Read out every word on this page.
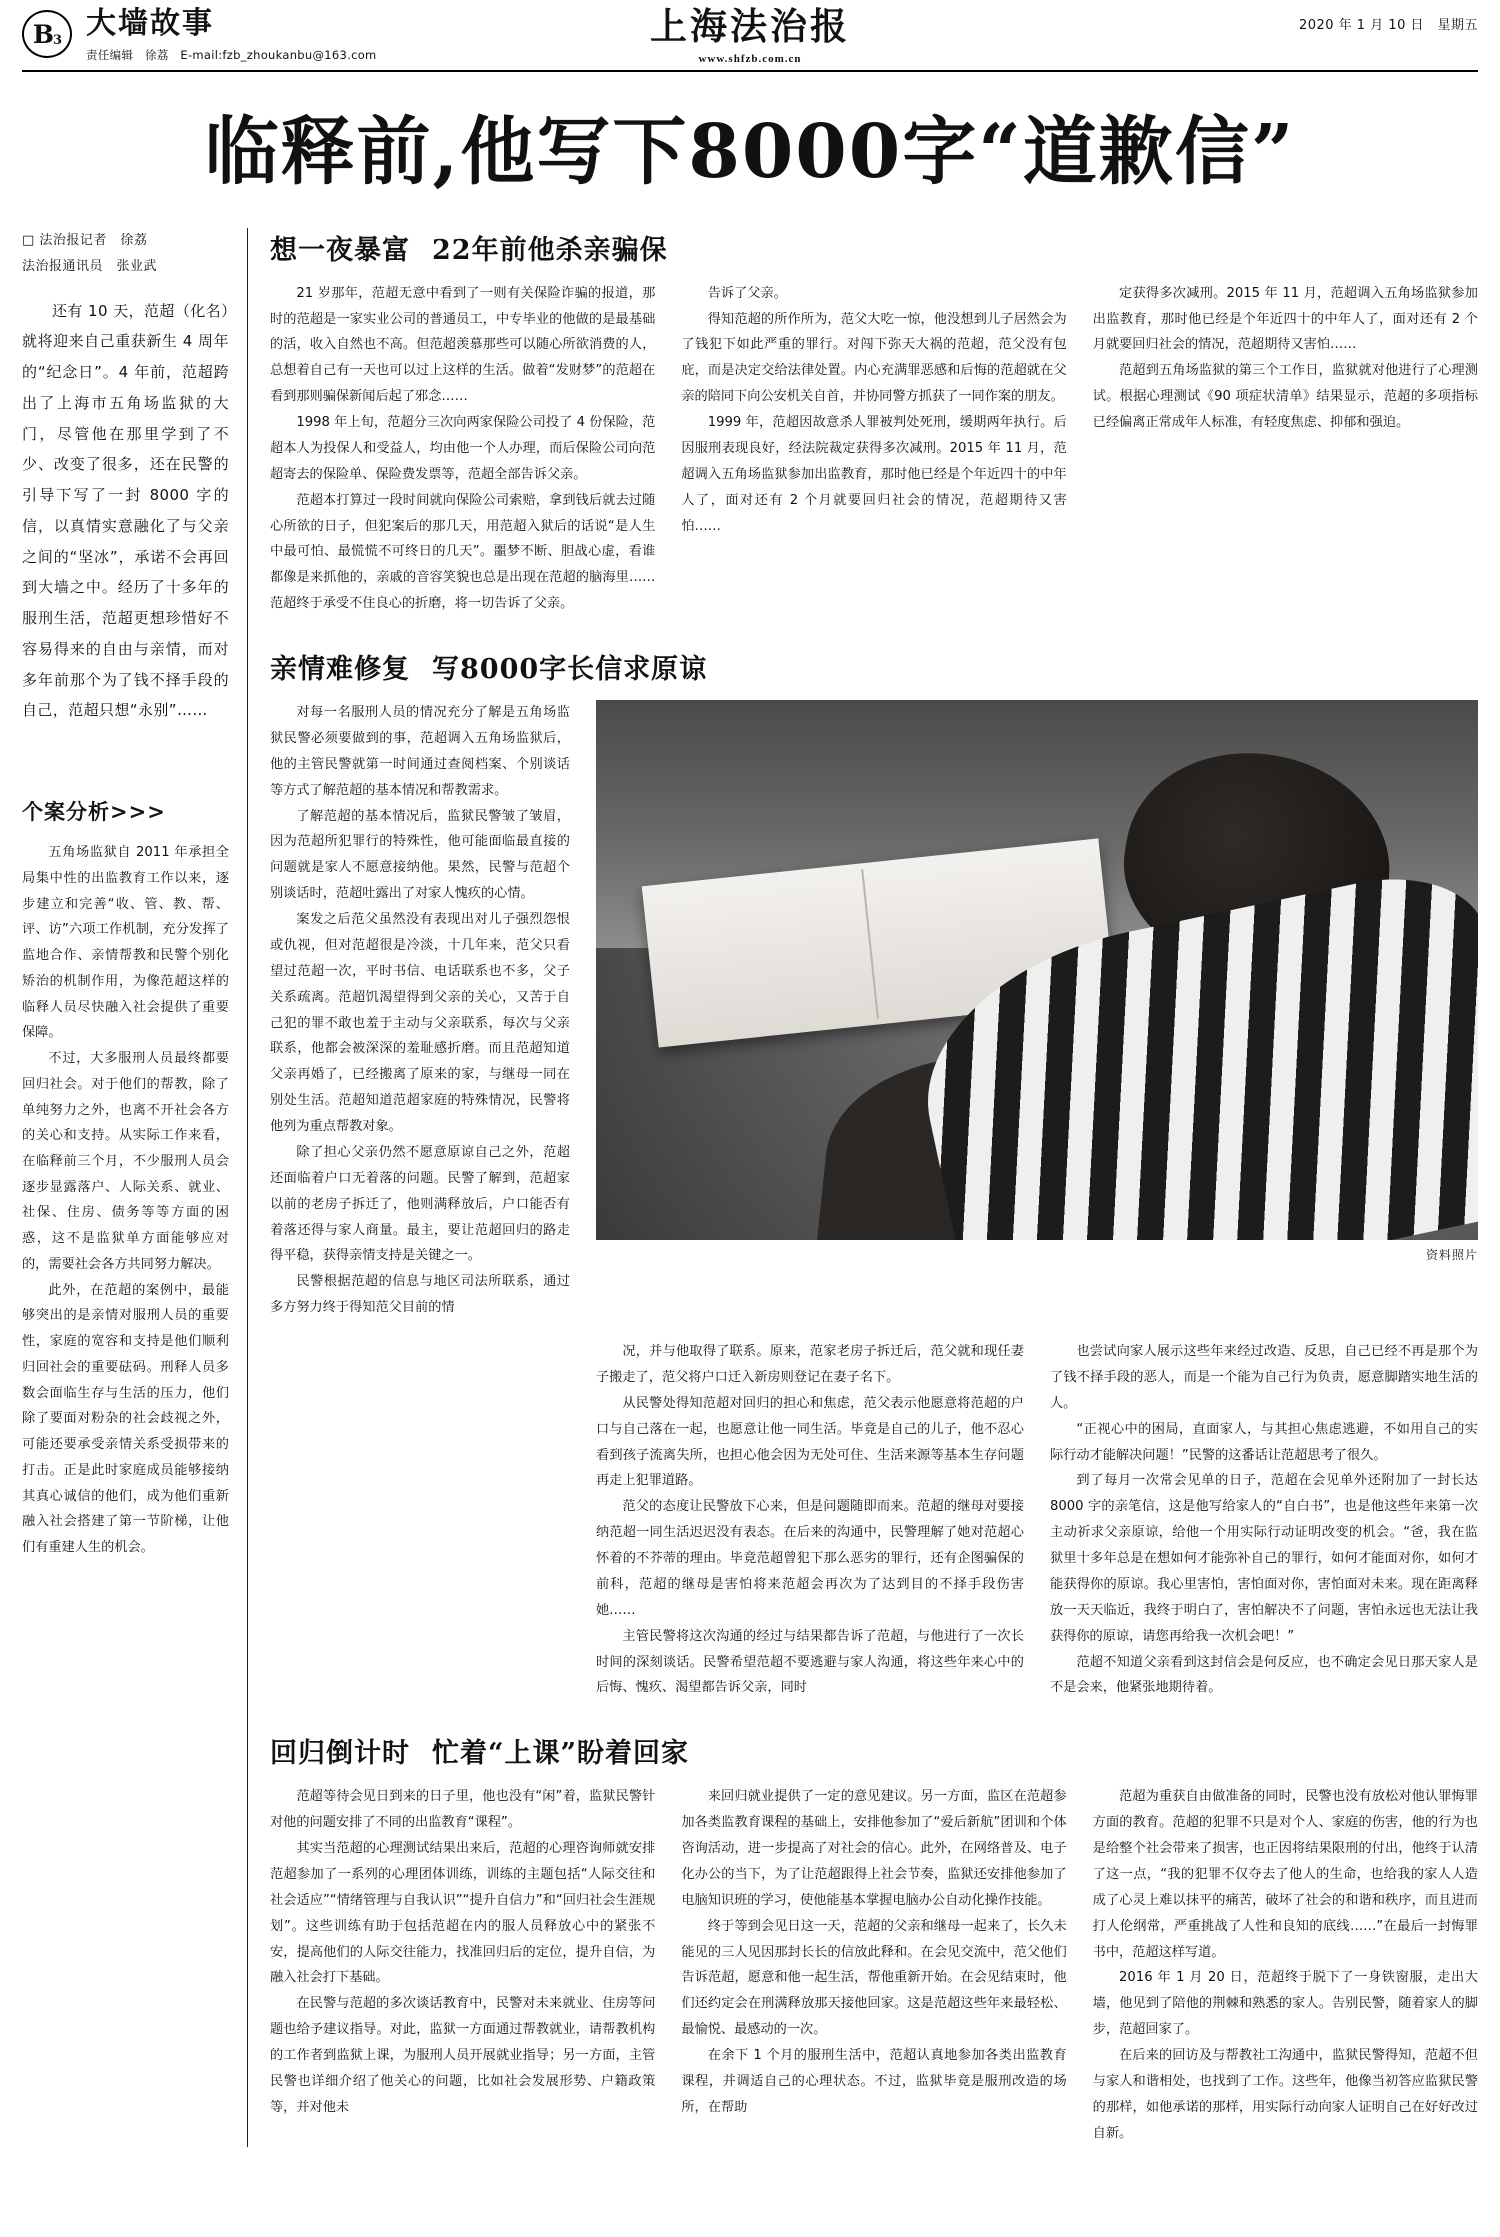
B 3 大墙故事
责任编辑　徐荔　E-mail:fzb_zhoukanbu@163.com
上海法治报
www.shfzb.com.cn
2020 年 1 月 10 日　星期五
临释前,他写下8000字“道歉信”
□ 法治报记者　徐荔
法治报通讯员　张业武

还有 10 天，范超（化名）就将迎来自己重获新生 4 周年的“纪念日”。4 年前，范超跨出了上海市五角场监狱的大门，尽管他在那里学到了不少、改变了很多，还在民警的引导下写了一封 8000 字的信，以真情实意融化了与父亲之间的“坚冰”，承诺不会再回到大墙之中。经历了十多年的服刑生活，范超更想珍惜好不容易得来的自由与亲情，而对多年前那个为了钱不择手段的自己，范超只想“永别”……

个案分析>>>

五角场监狱自 2011 年承担全局集中性的出监教育工作以来，逐步建立和完善“收、管、教、帮、评、访”六项工作机制，充分发挥了监地合作、亲情帮教和民警个别化矫治的机制作用，为像范超这样的临释人员尽快融入社会提供了重要保障。

不过，大多服刑人员最终都要回归社会。对于他们的帮教，除了单纯努力之外，也离不开社会各方的关心和支持。从实际工作来看，在临释前三个月，不少服刑人员会逐步显露落户、人际关系、就业、社保、住房、债务等等方面的困惑，这不是监狱单方面能够应对的，需要社会各方共同努力解决。

此外，在范超的案例中，最能够突出的是亲情对服刑人员的重要性，家庭的宽容和支持是他们顺利归回社会的重要砝码。刑释人员多数会面临生存与生活的压力，他们除了要面对粉杂的社会歧视之外，可能还要承受亲情关系受损带来的打击。正是此时家庭成员能够接纳其真心诚信的他们，成为他们重新融入社会搭建了第一节阶梯，让他们有重建人生的机会。

想一夜暴富 22年前他杀亲骗保

21 岁那年，范超无意中看到了一则有关保险诈骗的报道，那时的范超是一家实业公司的普通员工，中专毕业的他做的是最基础的活，收入自然也不高。但范超羡慕那些可以随心所欲消费的人，总想着自己有一天也可以过上这样的生活。做着“发财梦”的范超在看到那则骗保新闻后起了邪念……

1998 年上旬，范超分三次向两家保险公司投了 4 份保险，范超本人为投保人和受益人，均由他一个人办理，而后保险公司向范超寄去的保险单、保险费发票等，范超全部告诉父亲。

范超本打算过一段时间就向保险公司索赔，拿到钱后就去过随心所欲的日子，但犯案后的那几天，用范超入狱后的话说“是人生中最可怕、最慌慌不可终日的几天”。噩梦不断、胆战心虚，看谁都像是来抓他的，亲戚的音容笑貌也总是出现在范超的脑海里……范超终于承受不住良心的折磨，将一切告诉了父亲。

告诉了父亲。

得知范超的所作所为，范父大吃一惊，他没想到儿子居然会为了钱犯下如此严重的罪行。对闯下弥天大祸的范超，范父没有包庇，而是决定交给法律处置。内心充满罪恶感和后悔的范超就在父亲的陪同下向公安机关自首，并协同警方抓获了一同作案的朋友。

1999 年，范超因故意杀人罪被判处死刑，缓期两年执行。后因服刑表现良好，经法院裁定获得多次减刑。2015 年 11 月，范超调入五角场监狱参加出监教育，那时他已经是个年近四十的中年人了，面对还有 2 个月就要回归社会的情况，范超期待又害怕……

定获得多次减刑。2015 年 11 月，范超调入五角场监狱参加出监教育，那时他已经是个年近四十的中年人了，面对还有 2 个月就要回归社会的情况，范超期待又害怕……

范超到五角场监狱的第三个工作日，监狱就对他进行了心理测试。根据心理测试《90 项症状清单》结果显示，范超的多项指标已经偏离正常成年人标准，有轻度焦虑、抑郁和强迫。

亲情难修复 写8000字长信求原谅

对每一名服刑人员的情况充分了解是五角场监狱民警必须要做到的事，范超调入五角场监狱后，他的主管民警就第一时间通过查阅档案、个别谈话等方式了解范超的基本情况和帮教需求。

了解范超的基本情况后，监狱民警皱了皱眉，因为范超所犯罪行的特殊性，他可能面临最直接的问题就是家人不愿意接纳他。果然，民警与范超个别谈话时，范超吐露出了对家人愧疚的心情。

案发之后范父虽然没有表现出对儿子强烈怨恨或仇视，但对范超很是冷淡，十几年来，范父只看望过范超一次，平时书信、电话联系也不多，父子关系疏离。范超饥渴望得到父亲的关心，又苦于自己犯的罪不敢也羞于主动与父亲联系，每次与父亲联系，他都会被深深的羞耻感折磨。而且范超知道父亲再婚了，已经搬离了原来的家，与继母一同在别处生活。范超知道范超家庭的特殊情况，民警将他列为重点帮教对象。

除了担心父亲仍然不愿意原谅自己之外，范超还面临着户口无着落的问题。民警了解到，范超家以前的老房子拆迁了，他则满释放后，户口能否有着落还得与家人商量。最主，要让范超回归的路走得平稳，获得亲情支持是关键之一。

民警根据范超的信息与地区司法所联系，通过多方努力终于得知范父目前的情

资料照片

况，并与他取得了联系。原来，范家老房子拆迁后，范父就和现任妻子搬走了，范父将户口迁入新房则登记在妻子名下。

从民警处得知范超对回归的担心和焦虑，范父表示他愿意将范超的户口与自己落在一起，也愿意让他一同生活。毕竟是自己的儿子，他不忍心看到孩子流离失所，也担心他会因为无处可住、生活来源等基本生存问题再走上犯罪道路。

范父的态度让民警放下心来，但是问题随即而来。范超的继母对要接纳范超一同生活迟迟没有表态。在后来的沟通中，民警理解了她对范超心怀着的不芥蒂的理由。毕竟范超曾犯下那么恶劣的罪行，还有企图骗保的前科，范超的继母是害怕将来范超会再次为了达到目的不择手段伤害她……

主管民警将这次沟通的经过与结果都告诉了范超，与他进行了一次长时间的深刻谈话。民警希望范超不要逃避与家人沟通，将这些年来心中的后悔、愧疚、渴望都告诉父亲，同时

也尝试向家人展示这些年来经过改造、反思，自己已经不再是那个为了钱不择手段的恶人，而是一个能为自己行为负责，愿意脚踏实地生活的人。

“正视心中的困局，直面家人，与其担心焦虑逃避，不如用自己的实际行动才能解决问题！”民警的这番话让范超思考了很久。

到了每月一次常会见单的日子，范超在会见单外还附加了一封长达 8000 字的亲笔信，这是他写给家人的“自白书”，也是他这些年来第一次主动祈求父亲原谅，给他一个用实际行动证明改变的机会。“爸，我在监狱里十多年总是在想如何才能弥补自己的罪行，如何才能面对你，如何才能获得你的原谅。我心里害怕，害怕面对你，害怕面对未来。现在距离释放一天天临近，我终于明白了，害怕解决不了问题，害怕永远也无法让我获得你的原谅，请您再给我一次机会吧！”

范超不知道父亲看到这封信会是何反应，也不确定会见日那天家人是不是会来，他紧张地期待着。

回归倒计时 忙着“上课”盼着回家

范超等待会见日到来的日子里，他也没有“闲”着，监狱民警针对他的问题安排了不同的出监教育“课程”。

其实当范超的心理测试结果出来后，范超的心理咨询师就安排范超参加了一系列的心理团体训练，训练的主题包括“人际交往和社会适应”“情绪管理与自我认识”“提升自信力”和“回归社会生涯规划”。这些训练有助于包括范超在内的服人员释放心中的紧张不安，提高他们的人际交往能力，找准回归后的定位，提升自信，为融入社会打下基础。

在民警与范超的多次谈话教育中，民警对未来就业、住房等问题也给予建议指导。对此，监狱一方面通过帮教就业，请帮教机构的工作者到监狱上课，为服刑人员开展就业指导；另一方面，主管民警也详细介绍了他关心的问题，比如社会发展形势、户籍政策等，并对他未

来回归就业提供了一定的意见建议。另一方面，监区在范超参加各类监教育课程的基础上，安排他参加了“爱后新航”团训和个体咨询活动，进一步提高了对社会的信心。此外，在网络普及、电子化办公的当下，为了让范超跟得上社会节奏，监狱还安排他参加了电脑知识班的学习，使他能基本掌握电脑办公自动化操作技能。

终于等到会见日这一天，范超的父亲和继母一起来了，长久未能见的三人见因那封长长的信放此释和。在会见交流中，范父他们告诉范超，愿意和他一起生活，帮他重新开始。在会见结束时，他们还约定会在刑满释放那天接他回家。这是范超这些年来最轻松、最愉悦、最感动的一次。

在余下 1 个月的服刑生活中，范超认真地参加各类出监教育课程，并调适自己的心理状态。不过，监狱毕竟是服刑改造的场所，在帮助

范超为重获自由做准备的同时，民警也没有放松对他认罪悔罪方面的教育。范超的犯罪不只是对个人、家庭的伤害，他的行为也是给整个社会带来了损害，也正因将结果限刑的付出，他终于认清了这一点，“我的犯罪不仅夺去了他人的生命，也给我的家人人造成了心灵上难以抹平的痛苦，破坏了社会的和谐和秩序，而且进而打人伦纲常，严重挑战了人性和良知的底线……”在最后一封悔罪书中，范超这样写道。

2016 年 1 月 20 日，范超终于脱下了一身铁窗服，走出大墙，他见到了陪他的荆棘和熟悉的家人。告别民警，随着家人的脚步，范超回家了。

在后来的回访及与帮教社工沟通中，监狱民警得知，范超不但与家人和谐相处，也找到了工作。这些年，他像当初答应监狱民警的那样，如他承诺的那样，用实际行动向家人证明自己在好好改过自新。
